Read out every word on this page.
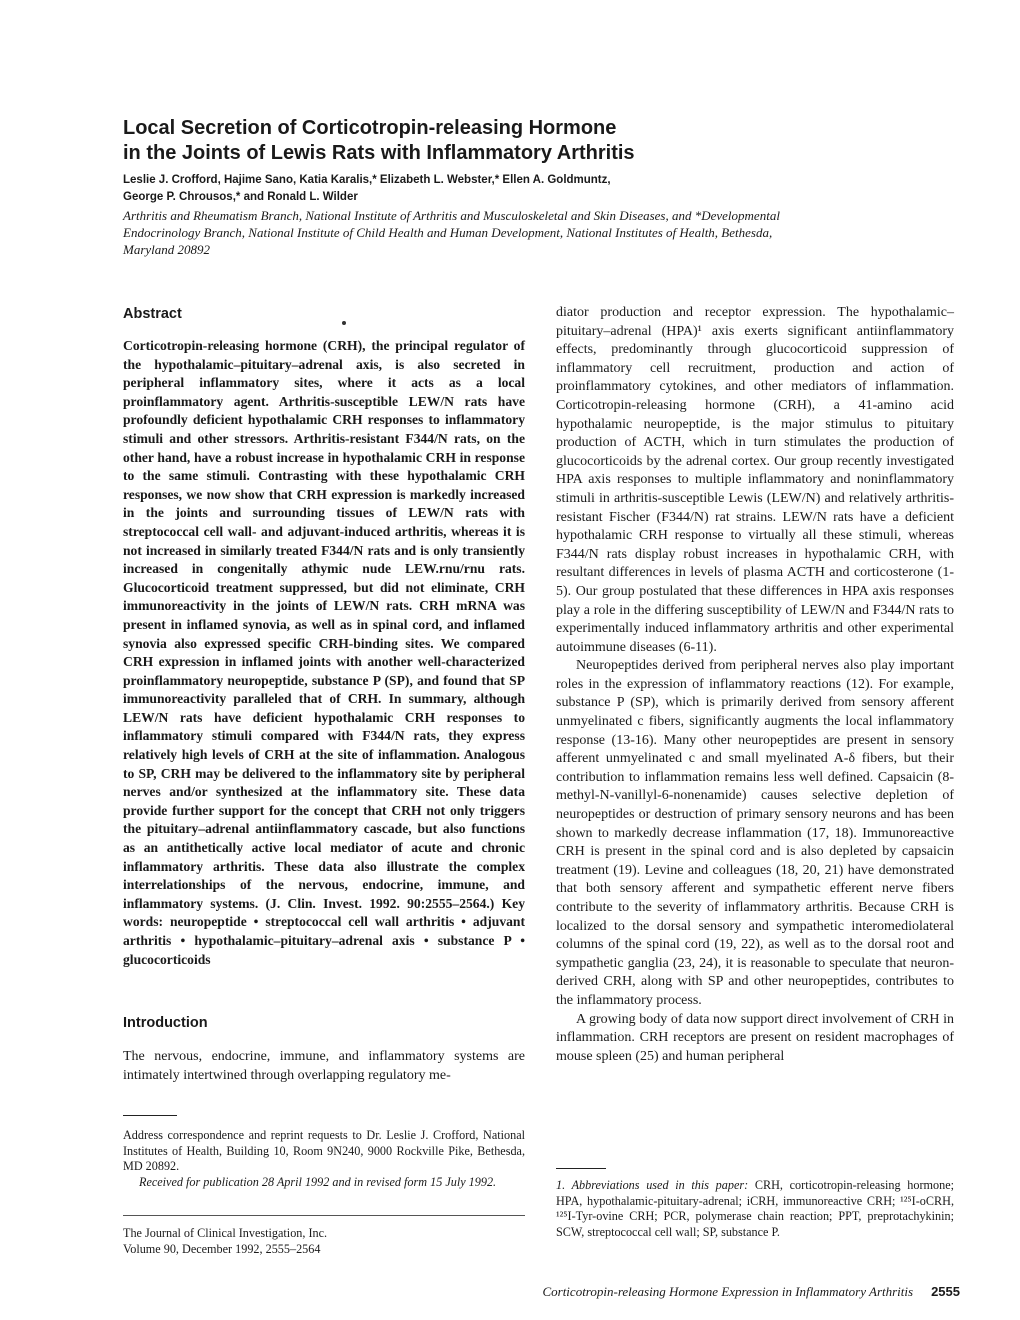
Local Secretion of Corticotropin-releasing Hormone
in the Joints of Lewis Rats with Inflammatory Arthritis
Leslie J. Crofford, Hajime Sano, Katia Karalis,* Elizabeth L. Webster,* Ellen A. Goldmuntz,
George P. Chrousos,* and Ronald L. Wilder
Arthritis and Rheumatism Branch, National Institute of Arthritis and Musculoskeletal and Skin Diseases, and *Developmental
Endocrinology Branch, National Institute of Child Health and Human Development, National Institutes of Health, Bethesda,
Maryland 20892
Abstract

Corticotropin-releasing hormone (CRH), the principal regulator of the hypothalamic–pituitary–adrenal axis, is also secreted in peripheral inflammatory sites, where it acts as a local proinflammatory agent. Arthritis-susceptible LEW/N rats have profoundly deficient hypothalamic CRH responses to inflammatory stimuli and other stressors. Arthritis-resistant F344/N rats, on the other hand, have a robust increase in hypothalamic CRH in response to the same stimuli. Contrasting with these hypothalamic CRH responses, we now show that CRH expression is markedly increased in the joints and surrounding tissues of LEW/N rats with streptococcal cell wall- and adjuvant-induced arthritis, whereas it is not increased in similarly treated F344/N rats and is only transiently increased in congenitally athymic nude LEW.rnu/rnu rats. Glucocorticoid treatment suppressed, but did not eliminate, CRH immunoreactivity in the joints of LEW/N rats. CRH mRNA was present in inflamed synovia, as well as in spinal cord, and inflamed synovia also expressed specific CRH-binding sites. We compared CRH expression in inflamed joints with another well-characterized proinflammatory neuropeptide, substance P (SP), and found that SP immunoreactivity paralleled that of CRH. In summary, although LEW/N rats have deficient hypothalamic CRH responses to inflammatory stimuli compared with F344/N rats, they express relatively high levels of CRH at the site of inflammation. Analogous to SP, CRH may be delivered to the inflammatory site by peripheral nerves and/or synthesized at the inflammatory site. These data provide further support for the concept that CRH not only triggers the pituitary–adrenal antiinflammatory cascade, but also functions as an antithetically active local mediator of acute and chronic inflammatory arthritis. These data also illustrate the complex interrelationships of the nervous, endocrine, immune, and inflammatory systems. (J. Clin. Invest. 1992. 90:2555–2564.) Key words: neuropeptide • streptococcal cell wall arthritis • adjuvant arthritis • hypothalamic–pituitary–adrenal axis • substance P • glucocorticoids

Introduction

The nervous, endocrine, immune, and inflammatory systems are intimately intertwined through overlapping regulatory me-

diator production and receptor expression. The hypothalamic–pituitary–adrenal (HPA)¹ axis exerts significant antiinflammatory effects, predominantly through glucocorticoid suppression of inflammatory cell recruitment, production and action of proinflammatory cytokines, and other mediators of inflammation. Corticotropin-releasing hormone (CRH), a 41-amino acid hypothalamic neuropeptide, is the major stimulus to pituitary production of ACTH, which in turn stimulates the production of glucocorticoids by the adrenal cortex. Our group recently investigated HPA axis responses to multiple inflammatory and noninflammatory stimuli in arthritis-susceptible Lewis (LEW/N) and relatively arthritis-resistant Fischer (F344/N) rat strains. LEW/N rats have a deficient hypothalamic CRH response to virtually all these stimuli, whereas F344/N rats display robust increases in hypothalamic CRH, with resultant differences in levels of plasma ACTH and corticosterone (1-5). Our group postulated that these differences in HPA axis responses play a role in the differing susceptibility of LEW/N and F344/N rats to experimentally induced inflammatory arthritis and other experimental autoimmune diseases (6-11).

Neuropeptides derived from peripheral nerves also play important roles in the expression of inflammatory reactions (12). For example, substance P (SP), which is primarily derived from sensory afferent unmyelinated c fibers, significantly augments the local inflammatory response (13-16). Many other neuropeptides are present in sensory afferent unmyelinated c and small myelinated A-δ fibers, but their contribution to inflammation remains less well defined. Capsaicin (8-methyl-N-vanillyl-6-nonenamide) causes selective depletion of neuropeptides or destruction of primary sensory neurons and has been shown to markedly decrease inflammation (17, 18). Immunoreactive CRH is present in the spinal cord and is also depleted by capsaicin treatment (19). Levine and colleagues (18, 20, 21) have demonstrated that both sensory afferent and sympathetic efferent nerve fibers contribute to the severity of inflammatory arthritis. Because CRH is localized to the dorsal sensory and sympathetic interomediolateral columns of the spinal cord (19, 22), as well as to the dorsal root and sympathetic ganglia (23, 24), it is reasonable to speculate that neuron-derived CRH, along with SP and other neuropeptides, contributes to the inflammatory process.

A growing body of data now support direct involvement of CRH in inflammation. CRH receptors are present on resident macrophages of mouse spleen (25) and human peripheral

Address correspondence and reprint requests to Dr. Leslie J. Crofford, National Institutes of Health, Building 10, Room 9N240, 9000 Rockville Pike, Bethesda, MD 20892.

Received for publication 28 April 1992 and in revised form 15 July 1992.

The Journal of Clinical Investigation, Inc.

Volume 90, December 1992, 2555–2564

1. Abbreviations used in this paper: CRH, corticotropin-releasing hormone; HPA, hypothalamic-pituitary-adrenal; iCRH, immunoreactive CRH; ¹²⁵I-oCRH, ¹²⁵I-Tyr-ovine CRH; PCR, polymerase chain reaction; PPT, preprotachykinin; SCW, streptococcal cell wall; SP, substance P.

Corticotropin-releasing Hormone Expression in Inflammatory Arthritis 2555
